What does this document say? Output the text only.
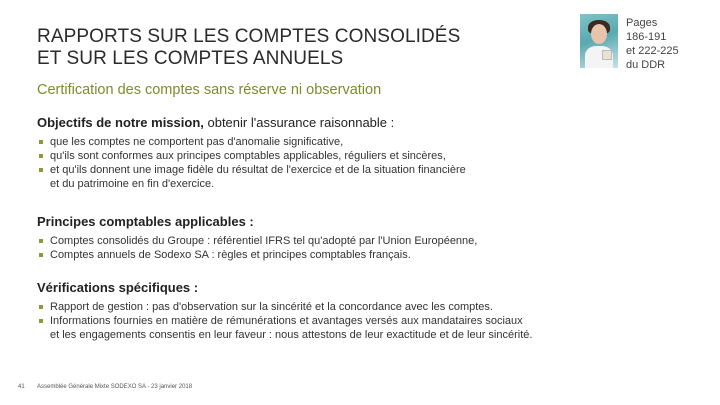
RAPPORTS SUR LES COMPTES CONSOLIDÉS
ET SUR LES COMPTES ANNUELS
Pages
186-191
et 222-225
du DDR
Certification des comptes sans réserve ni observation
Objectifs de notre mission, obtenir l'assurance raisonnable :
que les comptes ne comportent pas d'anomalie significative,
qu'ils sont conformes aux principes comptables applicables, réguliers et sincères,
et qu'ils donnent une image fidèle du résultat de l'exercice et de la situation financière
et du patrimoine en fin d'exercice.
Principes comptables applicables :
Comptes consolidés du Groupe : référentiel IFRS tel qu'adopté par l'Union Européenne,
Comptes annuels de Sodexo SA : règles et principes comptables français.
Vérifications spécifiques :
Rapport de gestion : pas d'observation sur la sincérité et la concordance avec les comptes.
Informations fournies en matière de rémunérations et avantages versés aux mandataires sociaux
et les engagements consentis en leur faveur : nous attestons de leur exactitude et de leur sincérité.
41 Assemblée Générale Mixte SODEXO SA - 23 janvier 2018
